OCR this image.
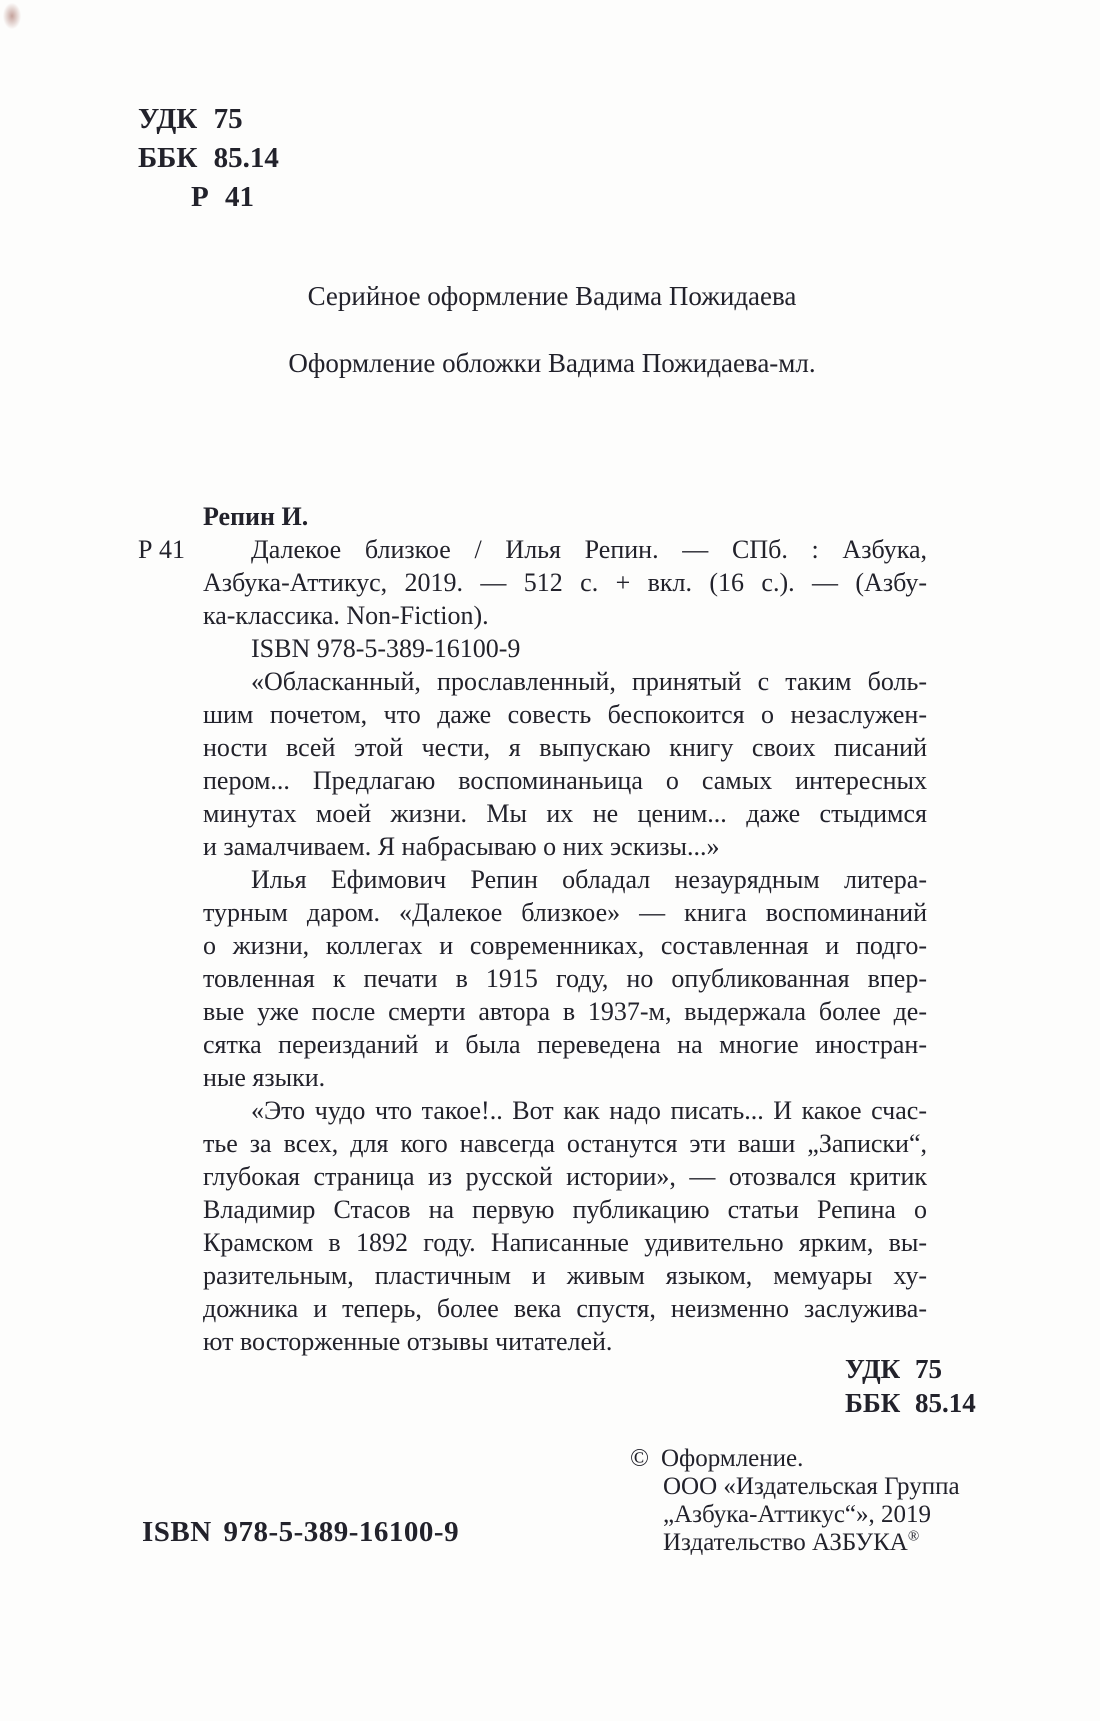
УДК 75
ББК 85.14
Р 41
Серийное оформление Вадима Пожидаева
Оформление обложки Вадима Пожидаева-мл.
Репин И.
Р 41	Далекое близкое / Илья Репин. — СПб. : Азбука,
Азбука-Аттикус, 2019. — 512 с. + вкл. (16 с.). — (Азбу-
ка-классика. Non-Fiction).
ISBN 978-5-389-16100-9
«Обласканный, прославленный, принятый с таким боль-
шим почетом, что даже совесть беспокоится о незаслужен-
ности всей этой чести, я выпускаю книгу своих писаний
пером... Предлагаю воспоминаньица о самых интересных
минутах моей жизни. Мы их не ценим... даже стыдимся
и замалчиваем. Я набрасываю о них эскизы...»
Илья Ефимович Репин обладал незаурядным литера-
турным даром. «Далекое близкое» — книга воспоминаний
о жизни, коллегах и современниках, составленная и подго-
товленная к печати в 1915 году, но опубликованная впер-
вые уже после смерти автора в 1937-м, выдержала более де-
сятка переизданий и была переведена на многие иностран-
ные языки.
«Это чудо что такое!.. Вот как надо писать... И какое счас-
тье за всех, для кого навсегда останутся эти ваши „Записки“,
глубокая страница из русской истории», — отозвался критик
Владимир Стасов на первую публикацию статьи Репина о
Крамском в 1892 году. Написанные удивительно ярким, вы-
разительным, пластичным и живым языком, мемуары ху-
дожника и теперь, более века спустя, неизменно заслужива-
ют восторженные отзывы читателей.
УДК 75
ББК 85.14
© Оформление.
ООО «Издательская Группа
„Азбука-Аттикус“», 2019
Издательство АЗБУКА®
ISBN 978-5-389-16100-9
